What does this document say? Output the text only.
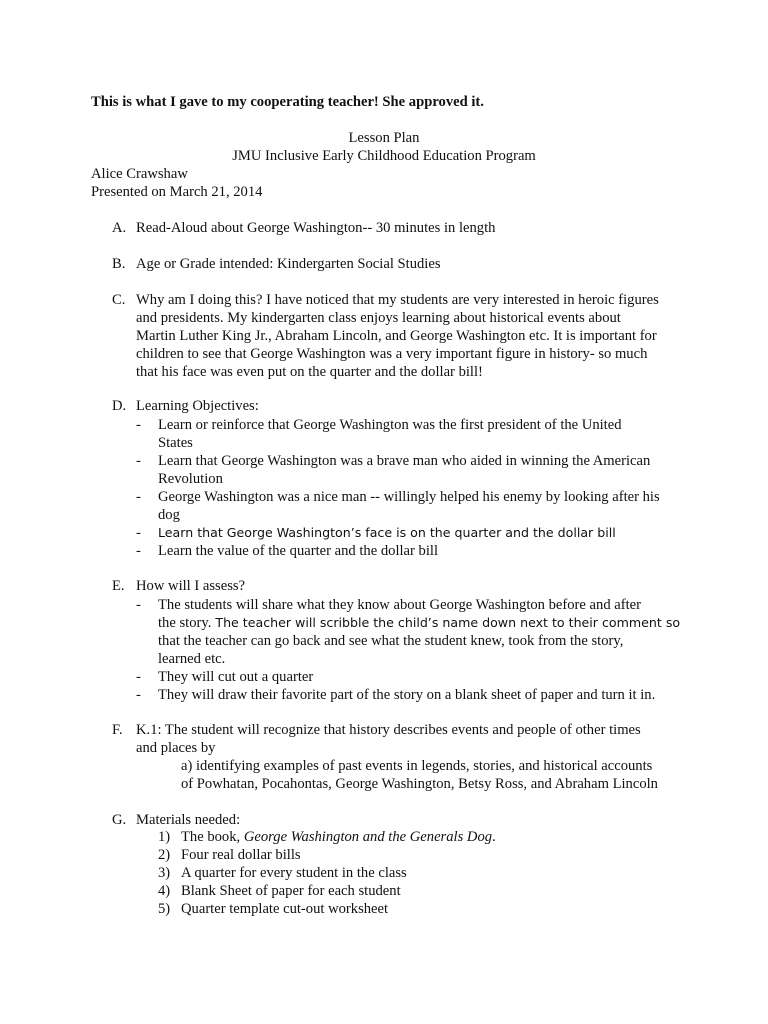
This is what I gave to my cooperating teacher! She approved it.
Lesson Plan
JMU Inclusive Early Childhood Education Program
Alice Crawshaw
Presented on March 21, 2014
A. Read-Aloud about George Washington-- 30 minutes in length
B. Age or Grade intended: Kindergarten Social Studies
C. Why am I doing this? I have noticed that my students are very interested in heroic figures
and presidents. My kindergarten class enjoys learning about historical events about
Martin Luther King Jr., Abraham Lincoln, and George Washington etc. It is important for
children to see that George Washington was a very important figure in history- so much
that his face was even put on the quarter and the dollar bill!
D. Learning Objectives:
- Learn or reinforce that George Washington was the first president of the United
States
- Learn that George Washington was a brave man who aided in winning the American
Revolution
- George Washington was a nice man -- willingly helped his enemy by looking after his
dog
- Learn that George Washington’s face is on the quarter and the dollar bill
- Learn the value of the quarter and the dollar bill
E. How will I assess?
- The students will share what they know about George Washington before and after
the story. The teacher will scribble the child’s name down next to their comment so
that the teacher can go back and see what the student knew, took from the story,
learned etc.
- They will cut out a quarter
- They will draw their favorite part of the story on a blank sheet of paper and turn it in.
F. K.1: The student will recognize that history describes events and people of other times
and places by
a) identifying examples of past events in legends, stories, and historical accounts
of Powhatan, Pocahontas, George Washington, Betsy Ross, and Abraham Lincoln
G. Materials needed:
1) The book, George Washington and the Generals Dog.
2) Four real dollar bills
3) A quarter for every student in the class
4) Blank Sheet of paper for each student
5) Quarter template cut-out worksheet
